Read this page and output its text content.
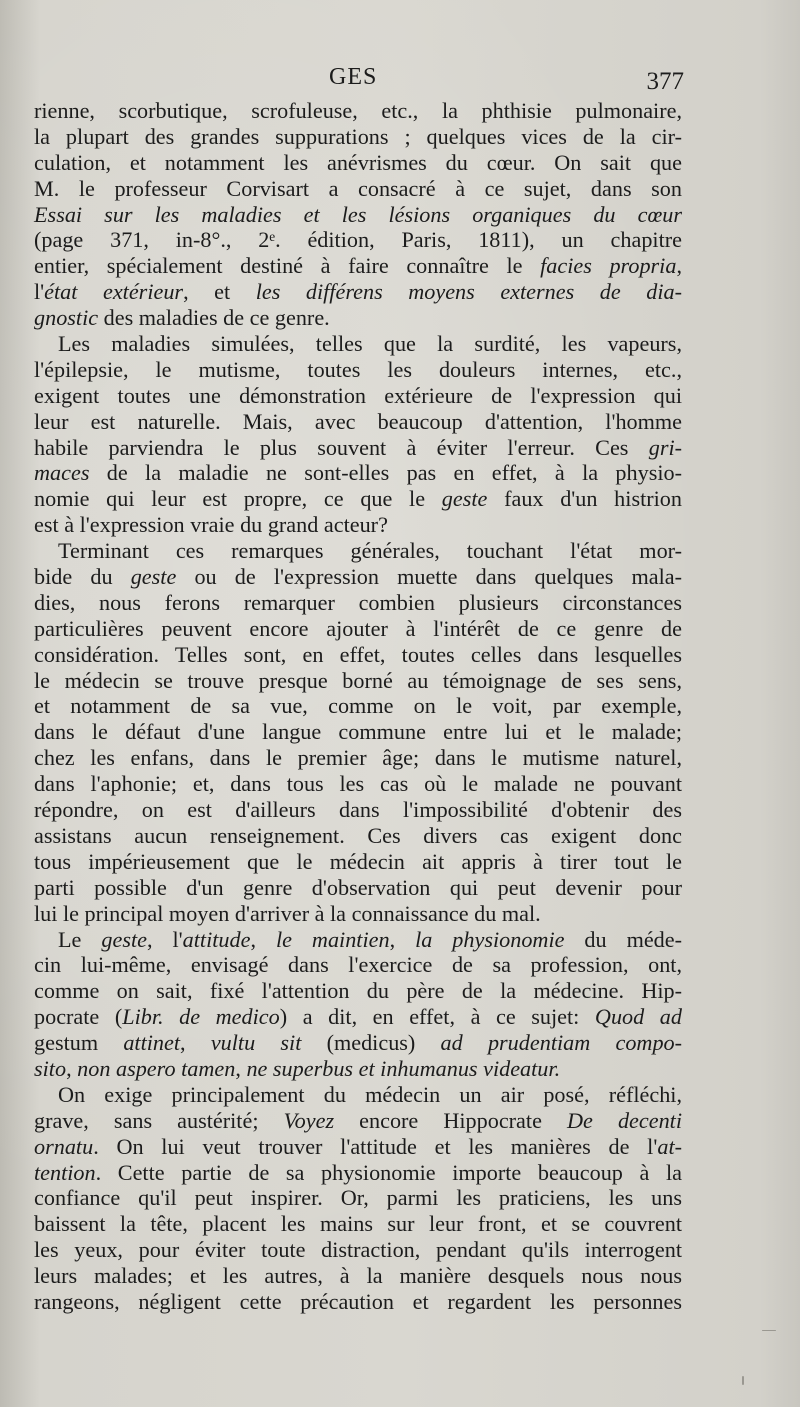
GES	377
rienne, scorbutique, scrofuleuse, etc., la phthisie pulmonaire,
la plupart des grandes suppurations ; quelques vices de la cir-
culation, et notamment les anévrismes du cœur. On sait que
M. le professeur Corvisart a consacré à ce sujet, dans son
Essai sur les maladies et les lésions organiques du cœur
(page 371, in-8°., 2ᵉ. édition, Paris, 1811), un chapitre
entier, spécialement destiné à faire connaître le facies propria,
l'état extérieur, et les différens moyens externes de dia-
gnostic des maladies de ce genre.
Les maladies simulées, telles que la surdité, les vapeurs,
l'épilepsie, le mutisme, toutes les douleurs internes, etc.,
exigent toutes une démonstration extérieure de l'expression qui
leur est naturelle. Mais, avec beaucoup d'attention, l'homme
habile parviendra le plus souvent à éviter l'erreur. Ces gri-
maces de la maladie ne sont-elles pas en effet, à la physio-
nomie qui leur est propre, ce que le geste faux d'un histrion
est à l'expression vraie du grand acteur?
Terminant ces remarques générales, touchant l'état mor-
bide du geste ou de l'expression muette dans quelques mala-
dies, nous ferons remarquer combien plusieurs circonstances
particulières peuvent encore ajouter à l'intérêt de ce genre de
considération. Telles sont, en effet, toutes celles dans lesquelles
le médecin se trouve presque borné au témoignage de ses sens,
et notamment de sa vue, comme on le voit, par exemple,
dans le défaut d'une langue commune entre lui et le malade;
chez les enfans, dans le premier âge; dans le mutisme naturel,
dans l'aphonie; et, dans tous les cas où le malade ne pouvant
répondre, on est d'ailleurs dans l'impossibilité d'obtenir des
assistans aucun renseignement. Ces divers cas exigent donc
tous impérieusement que le médecin ait appris à tirer tout le
parti possible d'un genre d'observation qui peut devenir pour
lui le principal moyen d'arriver à la connaissance du mal.
Le geste, l'attitude, le maintien, la physionomie du méde-
cin lui-même, envisagé dans l'exercice de sa profession, ont,
comme on sait, fixé l'attention du père de la médecine. Hip-
pocrate (Libr. de medico) a dit, en effet, à ce sujet: Quod ad
gestum attinet, vultu sit (medicus) ad prudentiam compo-
sito, non aspero tamen, ne superbus et inhumanus videatur.
On exige principalement du médecin un air posé, réfléchi,
grave, sans austérité; Voyez encore Hippocrate De decenti
ornatu. On lui veut trouver l'attitude et les manières de l'at-
tention. Cette partie de sa physionomie importe beaucoup à la
confiance qu'il peut inspirer. Or, parmi les praticiens, les uns
baissent la tête, placent les mains sur leur front, et se couvrent
les yeux, pour éviter toute distraction, pendant qu'ils interrogent
leurs malades; et les autres, à la manière desquels nous nous
rangeons, négligent cette précaution et regardent les personnes
